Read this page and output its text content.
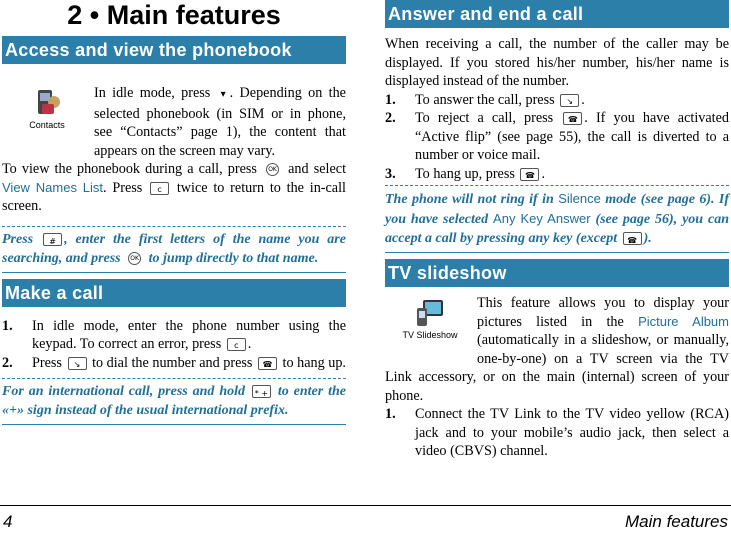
2 • Main features
Access and view the phonebook
Contacts

In idle mode, press ▾ . Depending on the selected phonebook (in SIM or in phone, see “Contacts” page 1), the content that appears on the screen may vary.

To view the phonebook during a call, press OK and select View Names List. Press	c twice to return to the in-call screen.

Press	# , enter the first letters of the name you are searching, and press OK to jump directly to that name.
Make a call
1. In idle mode, enter the phone number using the keypad. To correct an error, press	c .
2. Press	↘ to dial the number and press ☎ to hang up.
For an international call, press and hold * + to enter the «+» sign instead of the usual international prefix.
Answer and end a call

When receiving a call, the number of the caller may be displayed. If you stored his/her number, his/her name is displayed instead of the number.

1. To answer the call, press	↘ .
2. To reject a call, press ☎ . If you have activated “Active flip” (see page 55), the call is diverted to a number or voice mail.
3. To hang up, press ☎ .
The phone will not ring if in Silence mode (see page 6). If you have selected Any Key Answer (see page 56), you can accept a call by pressing any key (except ☎ ).
TV slideshow
TV Slideshow

This feature allows you to display your pictures listed in the Picture Album (automatically in a slideshow, or manually, one-by-one) on a TV screen via the TV Link accessory, or on the main (internal) screen of your phone.

1. Connect the TV Link to the TV video yellow (RCA) jack and to your mobile’s audio jack, then select a video (CBVS) channel.
4	Main features
